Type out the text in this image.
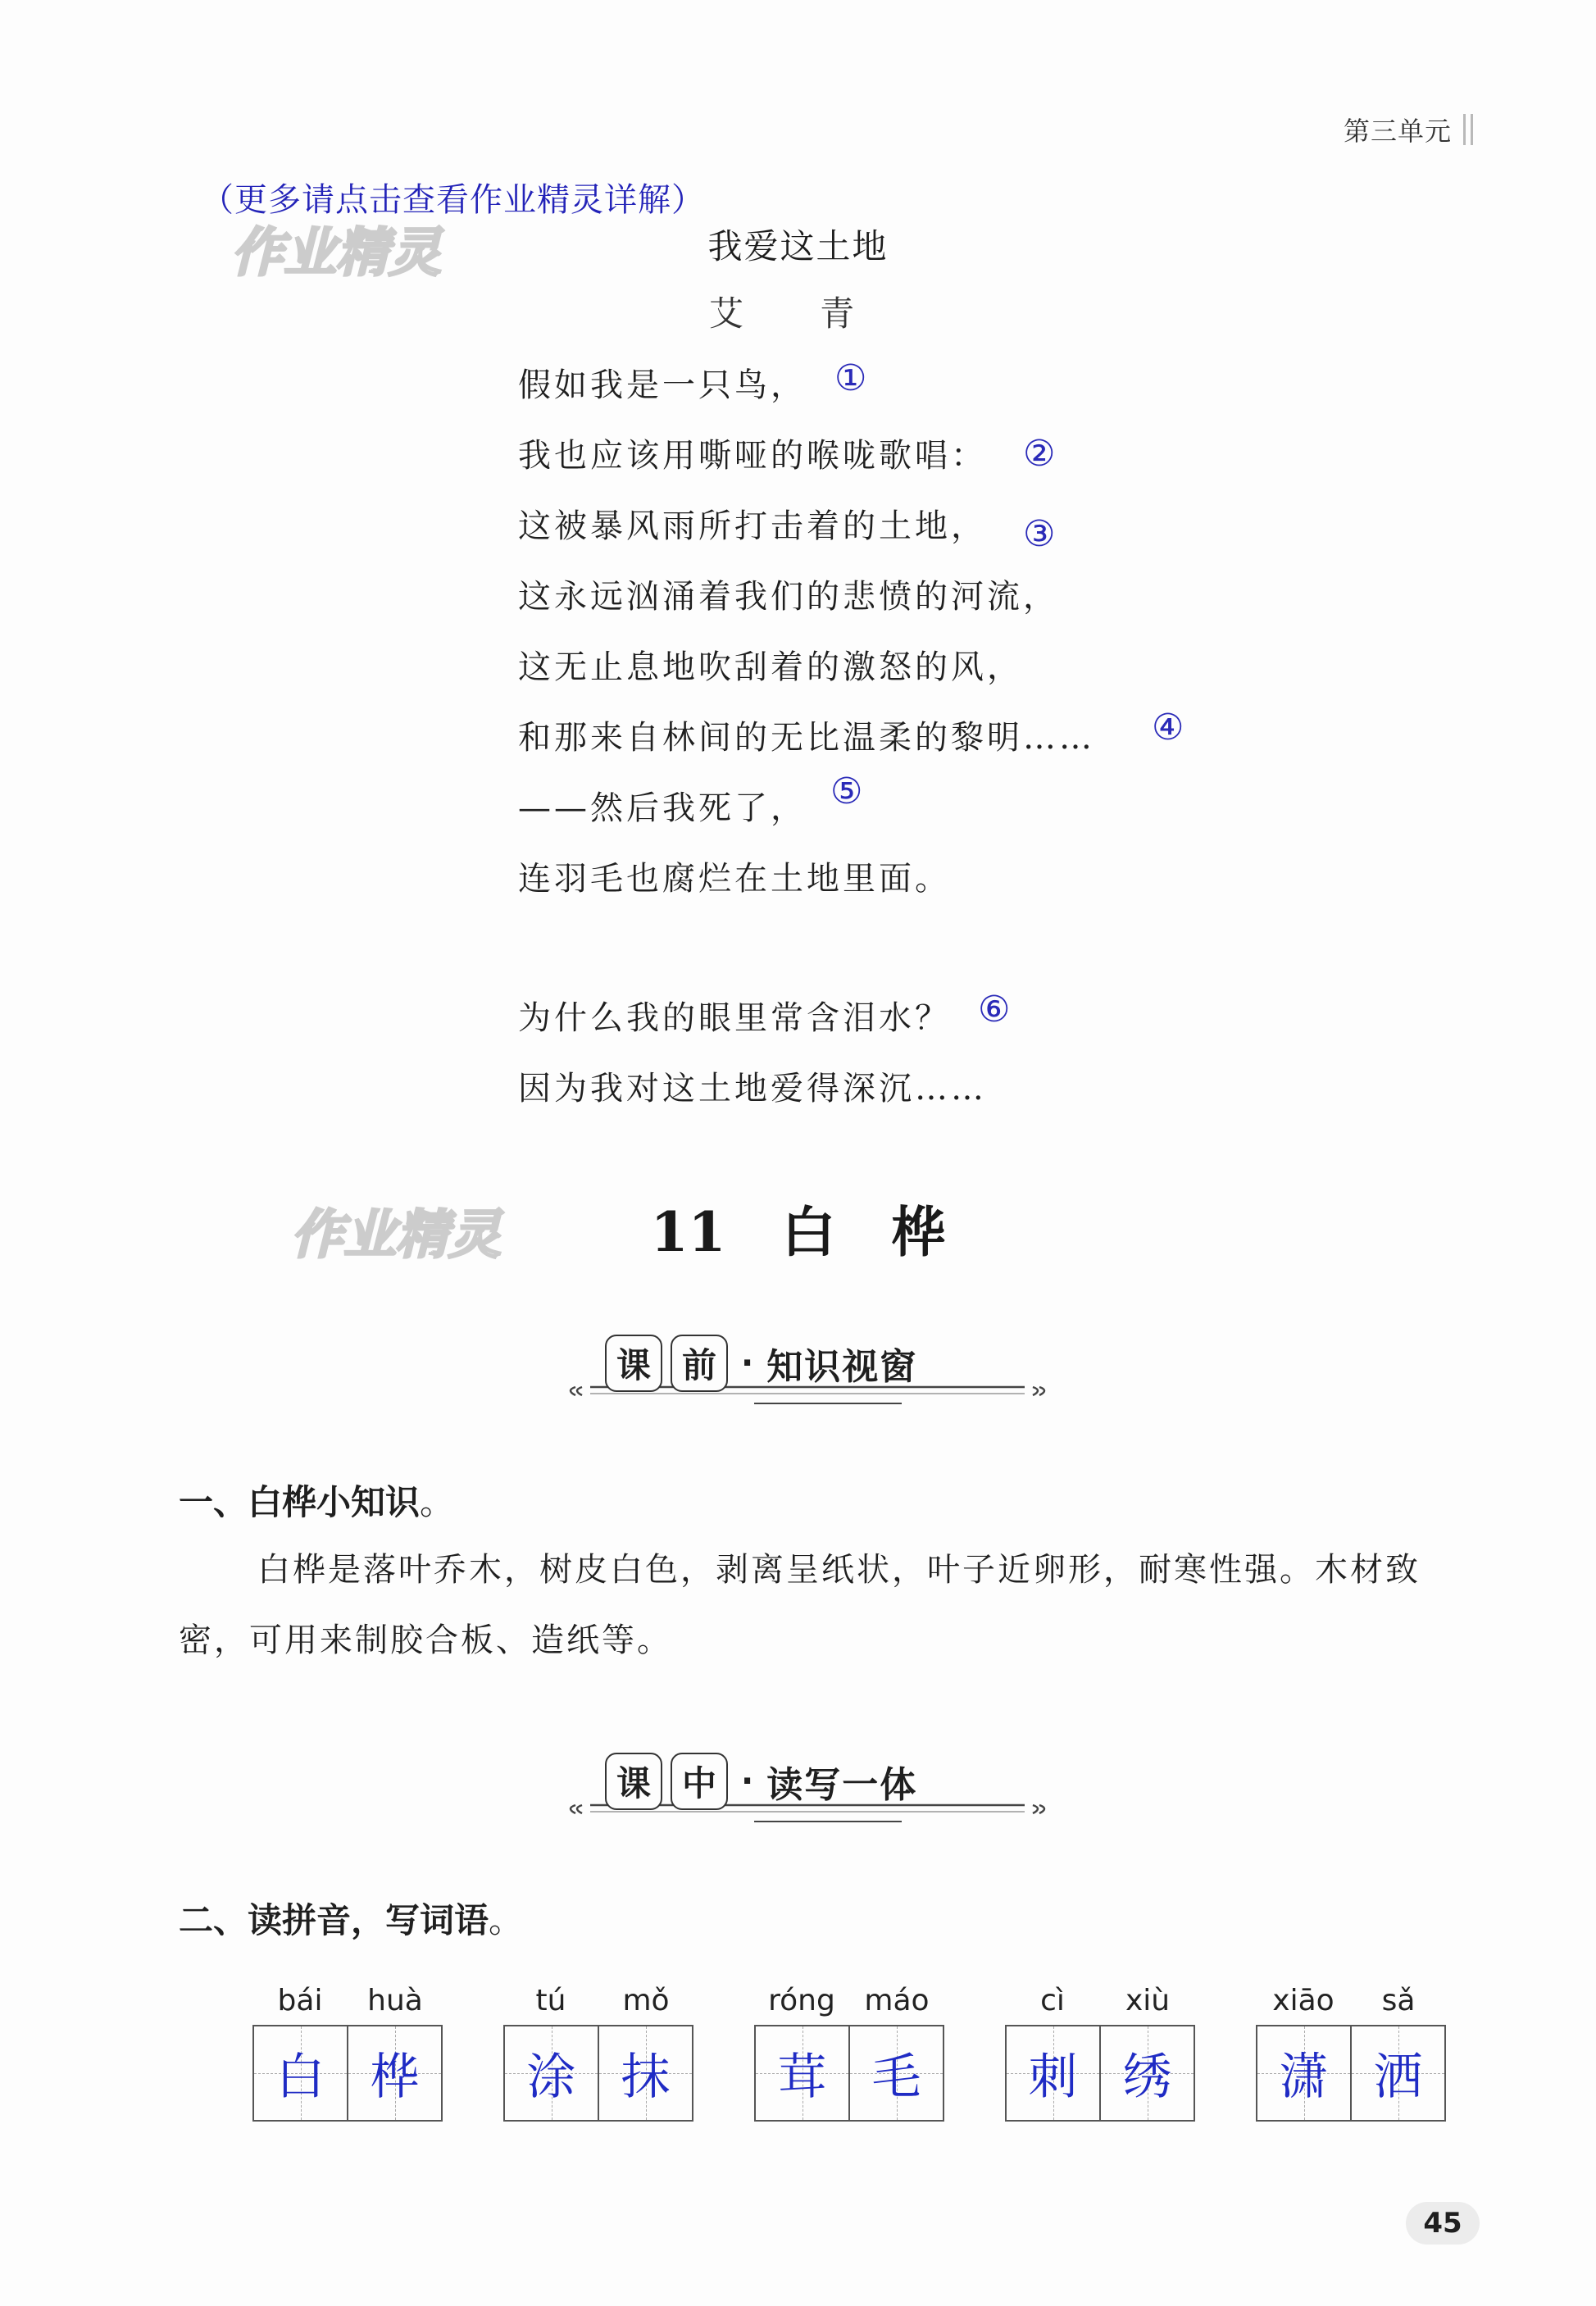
第三单元
（更多请点击查看作业精灵详解）
作业精灵	我爱这土地
艾 青
假如我是一只鸟，
我也应该用嘶哑的喉咙歌唱：
这被暴风雨所打击着的土地，
这永远汹涌着我们的悲愤的河流，
这无止息地吹刮着的激怒的风，
和那来自林间的无比温柔的黎明……
——然后我死了，
连羽毛也腐烂在土地里面。
为什么我的眼里常含泪水？
因为我对这土地爱得深沉……
①
②
③
④
⑤
⑥
作业精灵	11 白 桦
课 前 · 知识视窗
一、白桦小知识。
白桦是落叶乔木，树皮白色，剥离呈纸状，叶子近卵形，耐寒性强。木材致密，可用来制胶合板、造纸等。
课 中 · 读写一体
二、读拼音，写词语。
bái	huà
白 桦
tú	mǒ
涂 抹
róng máo
茸 毛
cì	xiù
刺 绣
xiāo	sǎ
潇 洒
45
